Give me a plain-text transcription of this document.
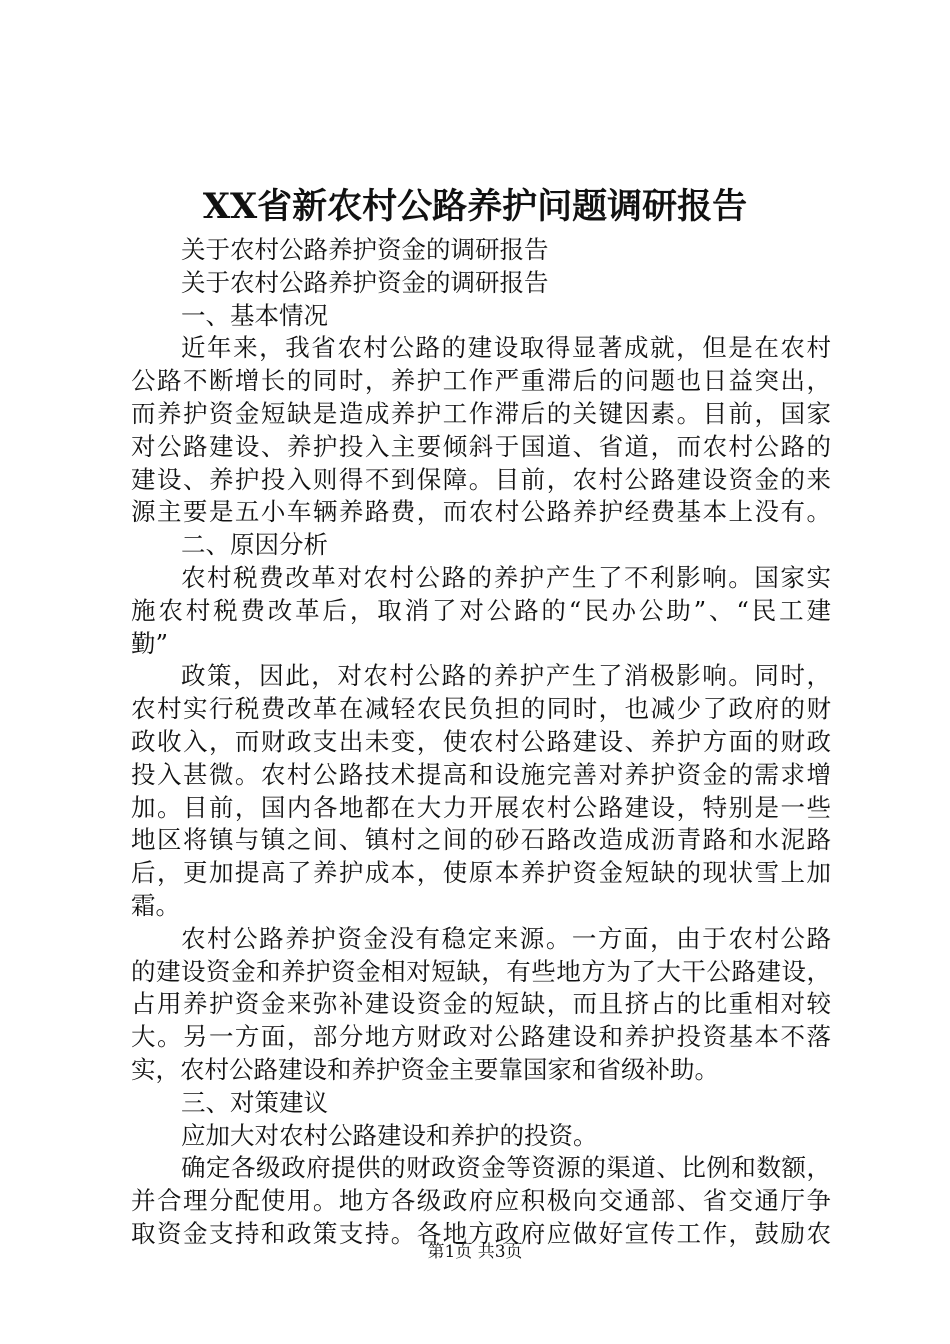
XX省新农村公路养护问题调研报告
关于农村公路养护资金的调研报告
关于农村公路养护资金的调研报告
一、基本情况
近年来，我省农村公路的建设取得显著成就，但是在农村
公路不断增长的同时，养护工作严重滞后的问题也日益突出，
而养护资金短缺是造成养护工作滞后的关键因素。目前，国家
对公路建设、养护投入主要倾斜于国道、省道，而农村公路的
建设、养护投入则得不到保障。目前，农村公路建设资金的来
源主要是五小车辆养路费，而农村公路养护经费基本上没有。
二、原因分析
农村税费改革对农村公路的养护产生了不利影响。国家实
施农村税费改革后，取消了对公路的“民办公助”、“民工建
勤”
政策，因此，对农村公路的养护产生了消极影响。同时，
农村实行税费改革在减轻农民负担的同时，也减少了政府的财
政收入，而财政支出未变，使农村公路建设、养护方面的财政
投入甚微。农村公路技术提高和设施完善对养护资金的需求增
加。目前，国内各地都在大力开展农村公路建设，特别是一些
地区将镇与镇之间、镇村之间的砂石路改造成沥青路和水泥路
后，更加提高了养护成本，使原本养护资金短缺的现状雪上加
霜。
农村公路养护资金没有稳定来源。一方面，由于农村公路
的建设资金和养护资金相对短缺，有些地方为了大干公路建设，
占用养护资金来弥补建设资金的短缺，而且挤占的比重相对较
大。另一方面，部分地方财政对公路建设和养护投资基本不落
实，农村公路建设和养护资金主要靠国家和省级补助。
三、对策建议
应加大对农村公路建设和养护的投资。
确定各级政府提供的财政资金等资源的渠道、比例和数额，
并合理分配使用。地方各级政府应积极向交通部、省交通厅争
取资金支持和政策支持。各地方政府应做好宣传工作，鼓励农
第1页 共3页
